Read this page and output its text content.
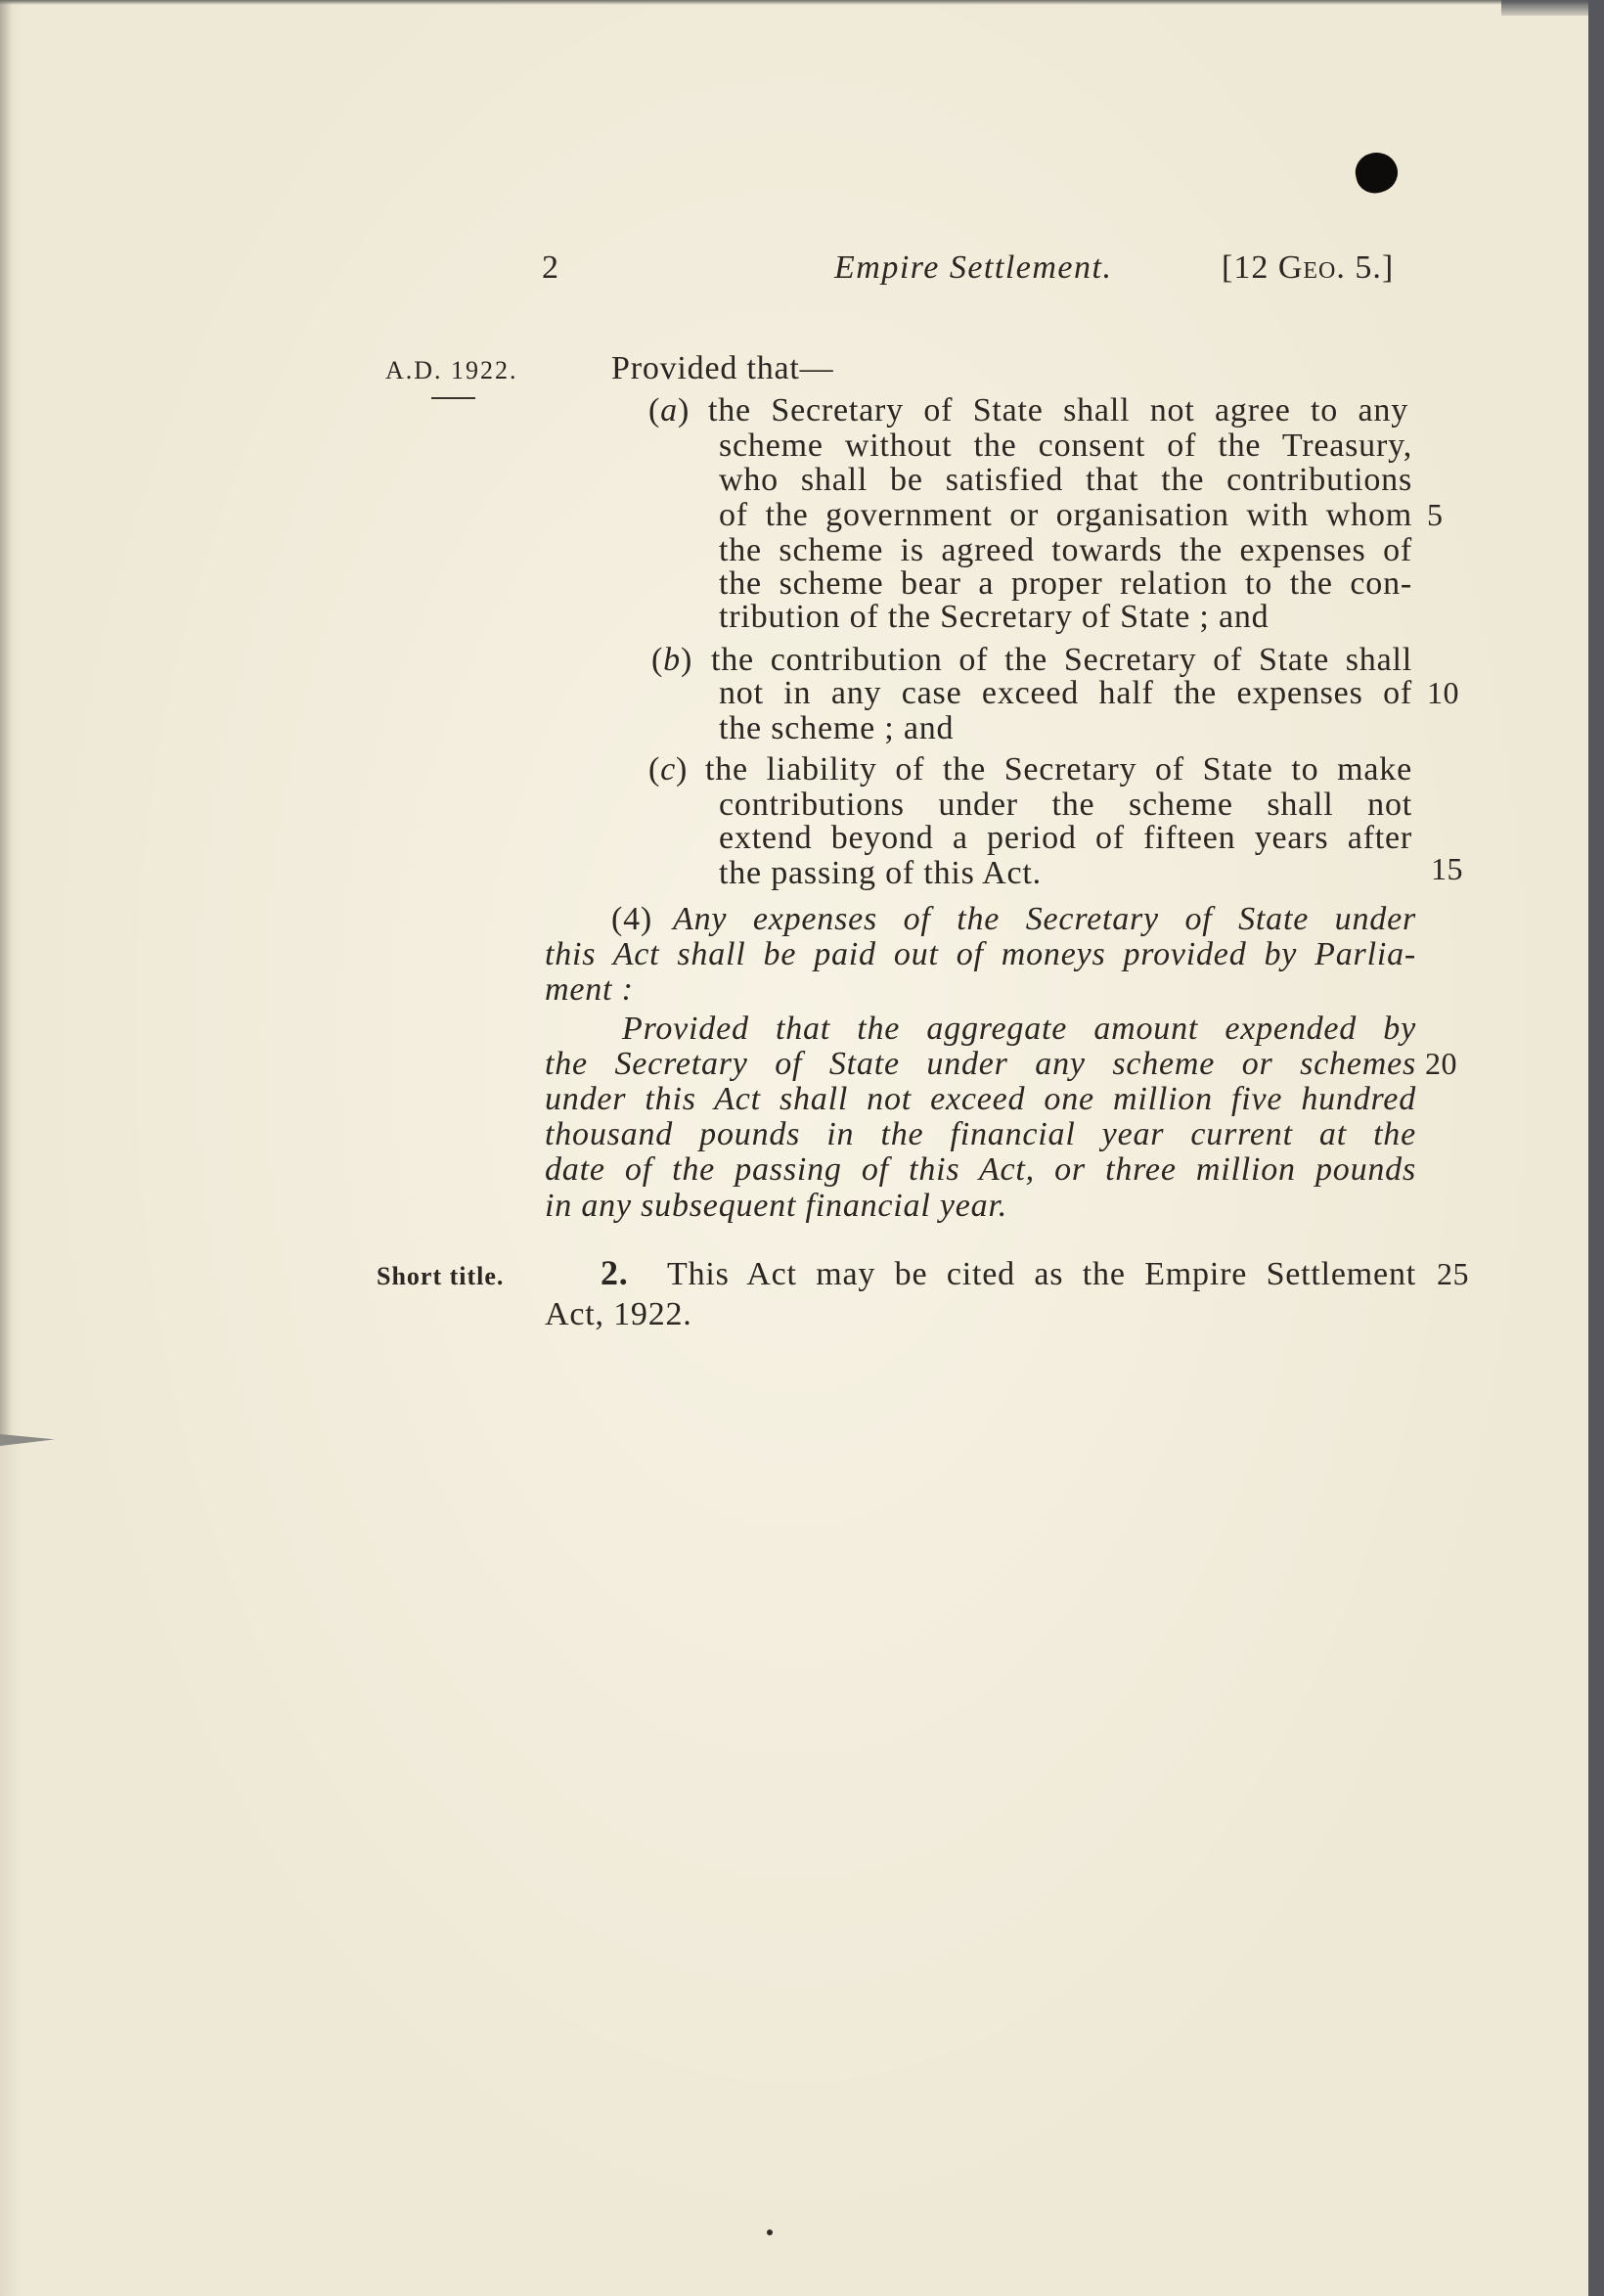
2	Empire Settlement.	[12 Geo. 5.]
A.D. 1922.
Short title.
Provided that—
(a) the Secretary of State shall not agree to any
scheme without the consent of the Treasury,
who shall be satisfied that the contributions
of the government or organisation with whom
the scheme is agreed towards the expenses of
the scheme bear a proper relation to the con-
tribution of the Secretary of State ; and
(b) the contribution of the Secretary of State shall
not in any case exceed half the expenses of
the scheme ; and
(c) the liability of the Secretary of State to make
contributions under the scheme shall not
extend beyond a period of fifteen years after
the passing of this Act.
(4) Any expenses of the Secretary of State under
this Act shall be paid out of moneys provided by Parlia-
ment :
Provided that the aggregate amount expended by
the Secretary of State under any scheme or schemes
under this Act shall not exceed one million five hundred
thousand pounds in the financial year current at the
date of the passing of this Act, or three million pounds
in any subsequent financial year.
2. This Act may be cited as the Empire Settlement
Act, 1922.
5
10
15
20
25
